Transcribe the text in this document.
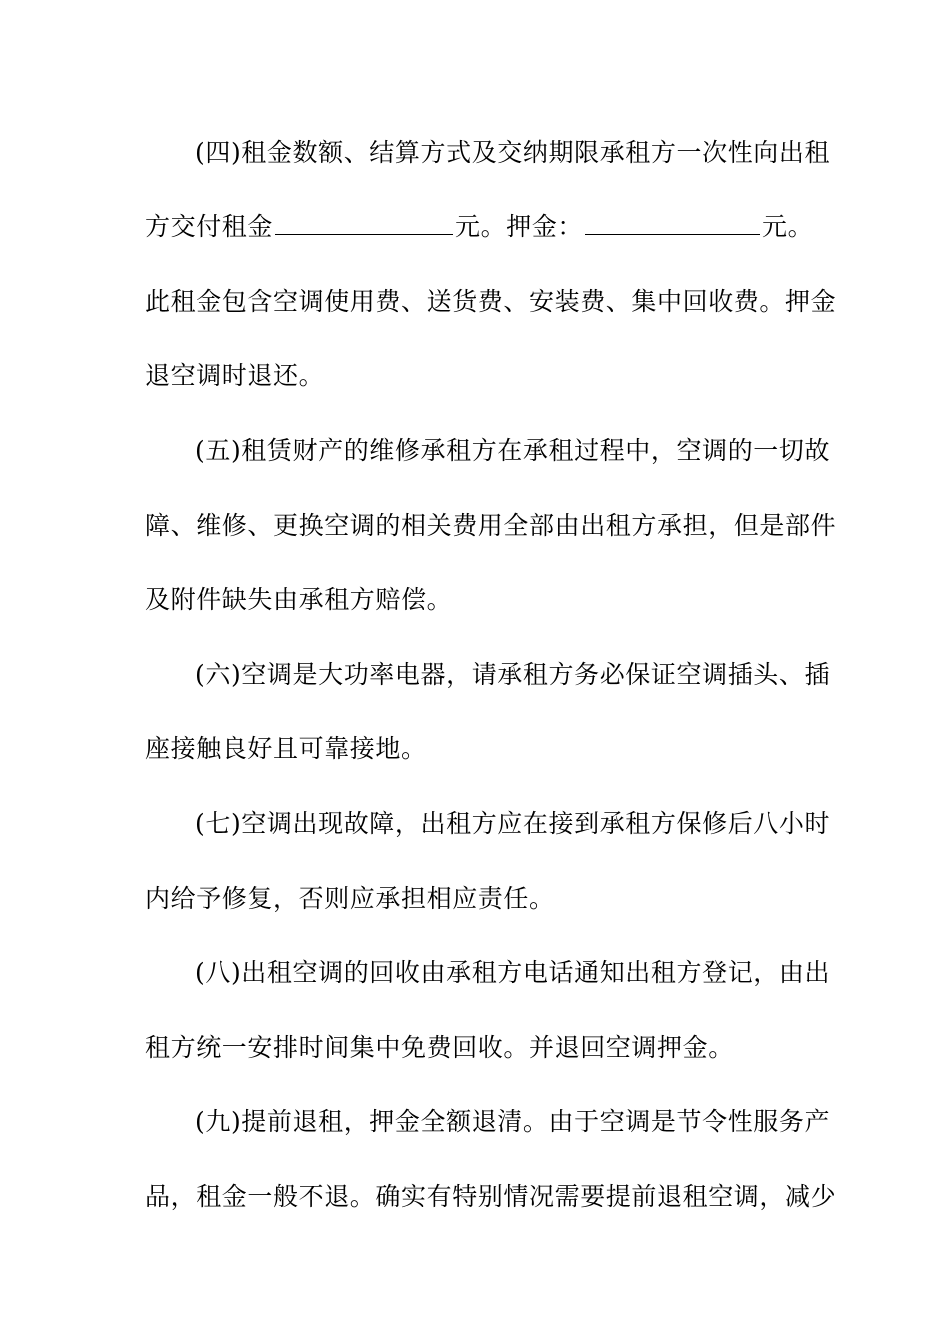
(四)租金数额、结算方式及交纳期限承租方一次性向出租
方交付租金	元。押金：	元。
此租金包含空调使用费、送货费、安装费、集中回收费。押金
退空调时退还。
(五)租赁财产的维修承租方在承租过程中，空调的一切故
障、维修、更换空调的相关费用全部由出租方承担，但是部件
及附件缺失由承租方赔偿。
(六)空调是大功率电器，请承租方务必保证空调插头、插
座接触良好且可靠接地。
(七)空调出现故障，出租方应在接到承租方保修后八小时
内给予修复，否则应承担相应责任。
(八)出租空调的回收由承租方电话通知出租方登记，由出
租方统一安排时间集中免费回收。并退回空调押金。
(九)提前退租，押金全额退清。由于空调是节令性服务产
品，租金一般不退。确实有特别情况需要提前退租空调，减少
